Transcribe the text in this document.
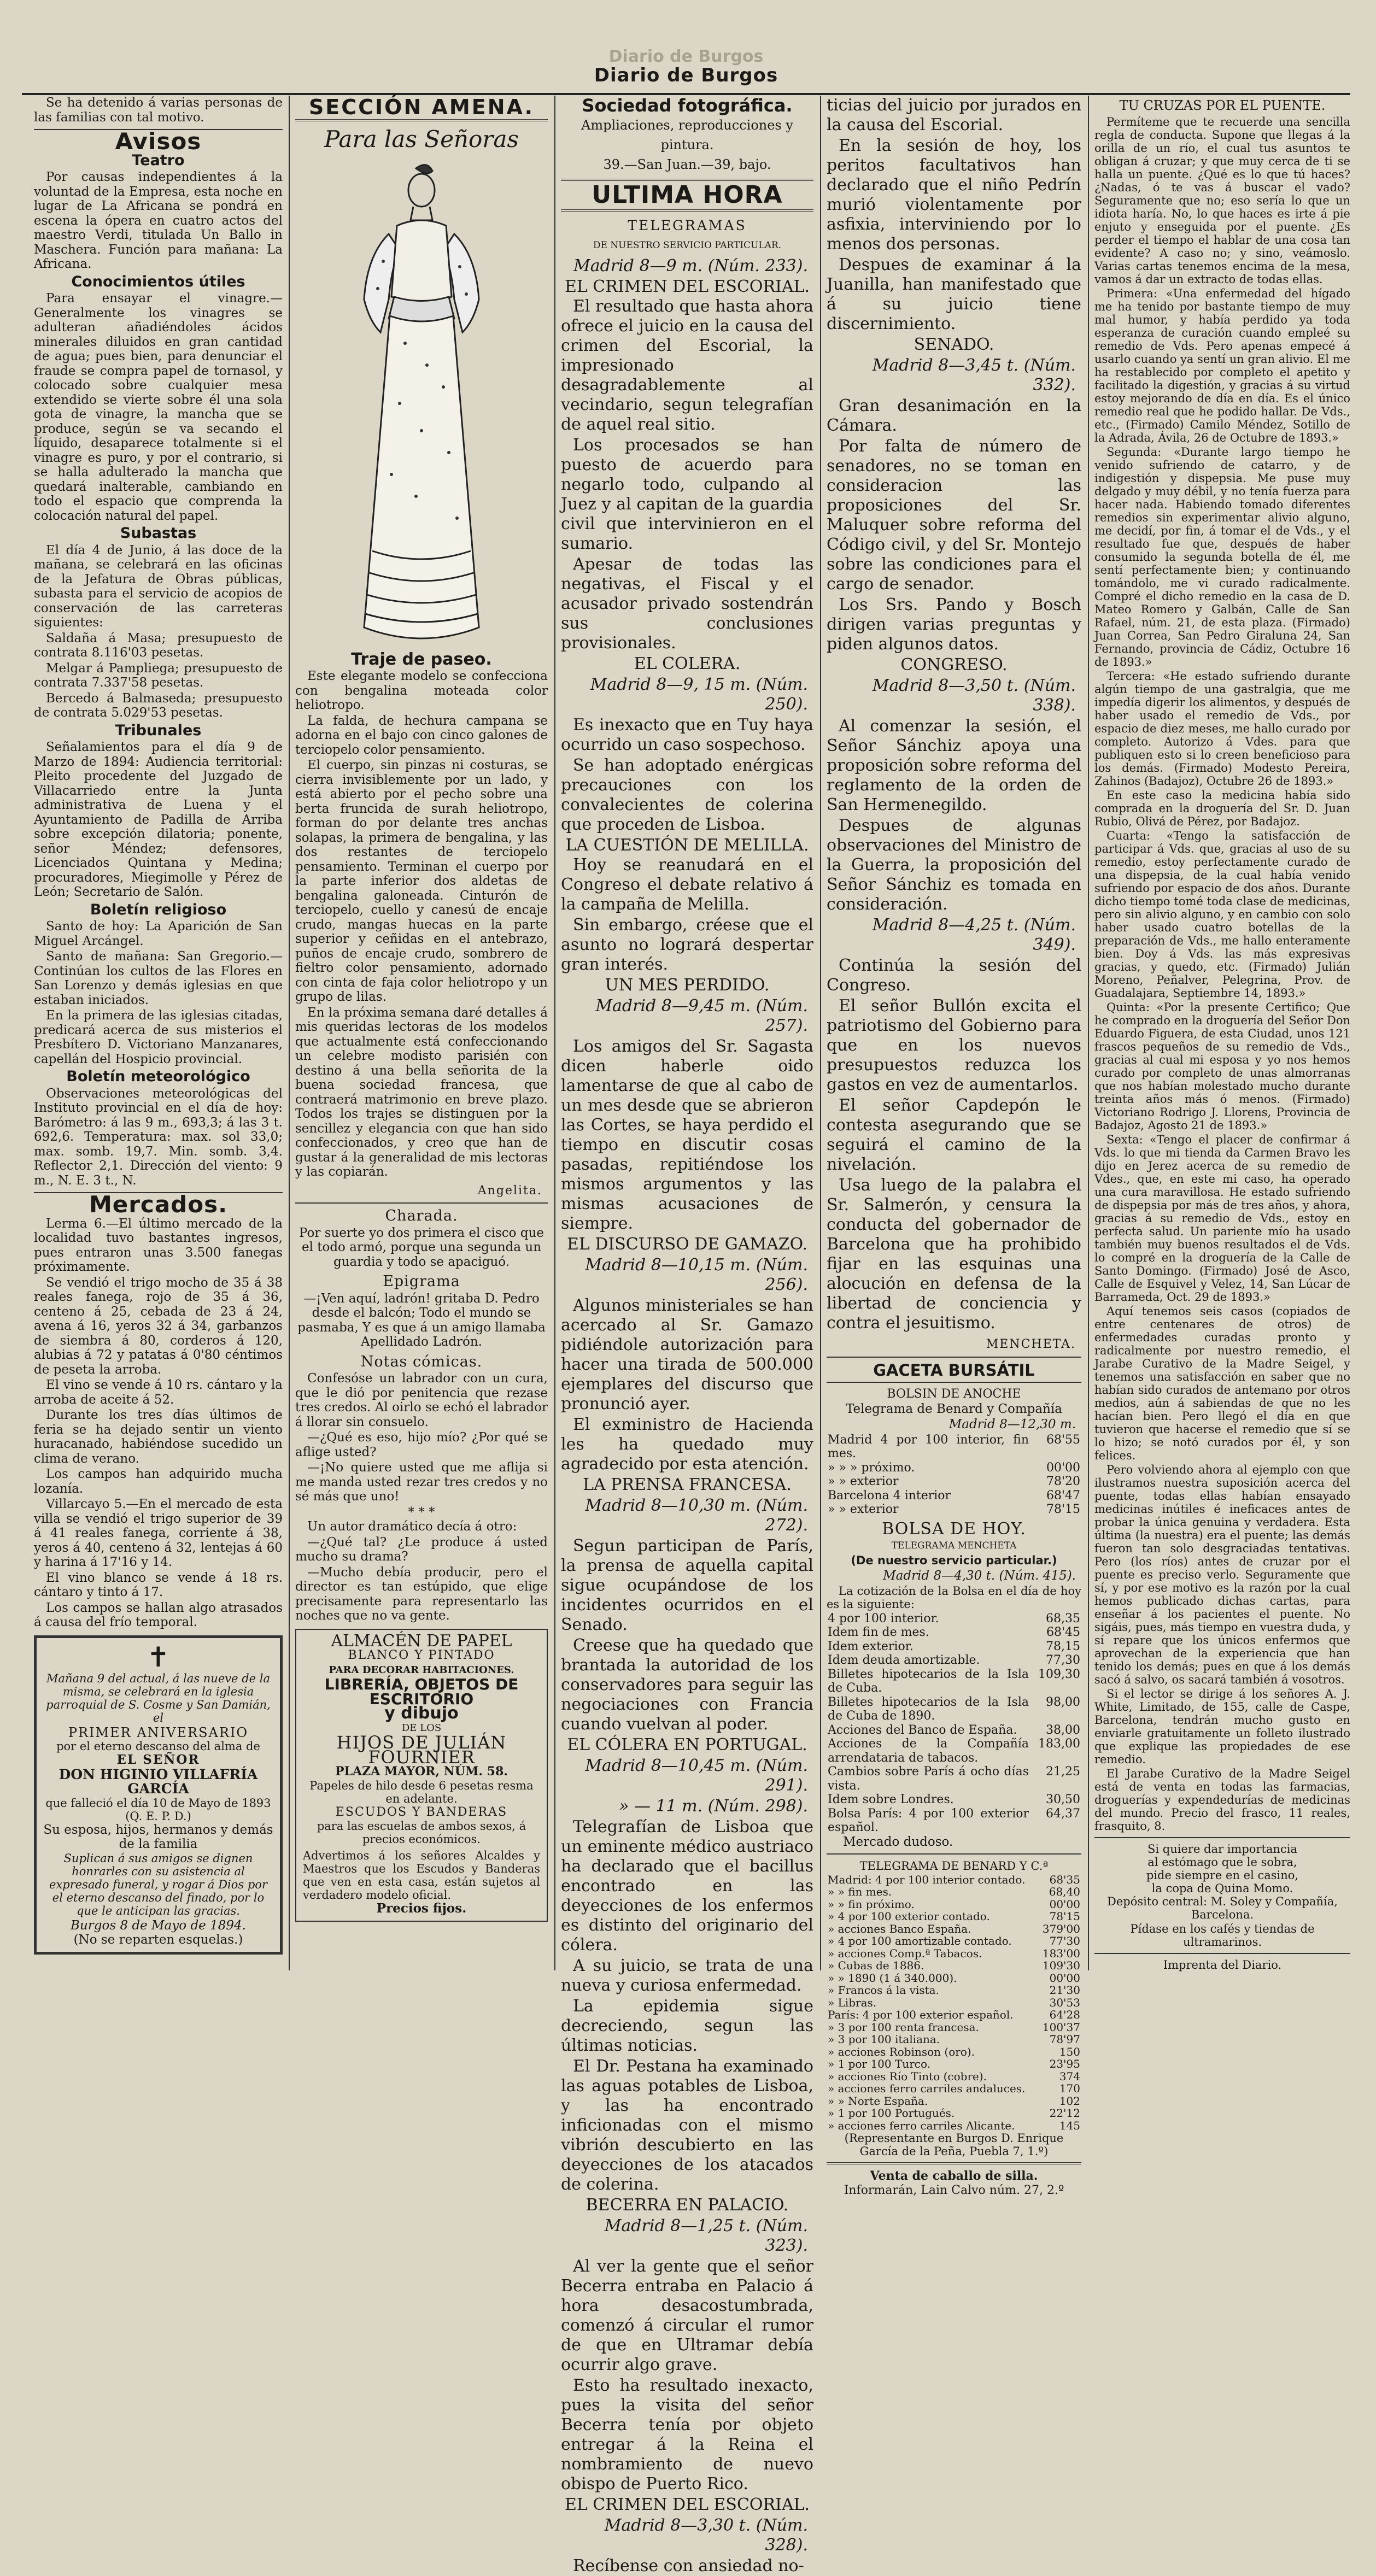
Diario de Burgos
Diario de Burgos

Se ha detenido á varias personas de las familias con tal motivo.

Avisos
Teatro

Por causas independientes á la voluntad de la Empresa, esta noche en lugar de La Africana se pondrá en escena la ópera en cuatro actos del maestro Verdi, titulada Un Ballo in Maschera. Función para mañana: La Africana.

Conocimientos útiles

Para ensayar el vinagre.—Generalmente los vinagres se adulteran añadiéndoles ácidos minerales diluidos en gran cantidad de agua; pues bien, para denunciar el fraude se compra papel de tornasol, y colocado sobre cualquier mesa extendido se vierte sobre él una sola gota de vinagre, la mancha que se produce, según se va secando el líquido, desaparece totalmente si el vinagre es puro, y por el contrario, si se halla adulterado la mancha que quedará inalterable, cambiando en todo el espacio que comprenda la colocación natural del papel.

Subastas

El día 4 de Junio, á las doce de la mañana, se celebrará en las oficinas de la Jefatura de Obras públicas, subasta para el servicio de acopios de conservación de las carreteras siguientes:

Saldaña á Masa; presupuesto de contrata 8.116'03 pesetas.

Melgar á Pampliega; presupuesto de contrata 7.337'58 pesetas.

Bercedo á Balmaseda; presupuesto de contrata 5.029'53 pesetas.

Tribunales

Señalamientos para el día 9 de Marzo de 1894: Audiencia territorial: Pleito procedente del Juzgado de Villacarriedo entre la Junta administrativa de Luena y el Ayuntamiento de Padilla de Arriba sobre excepción dilatoria; ponente, señor Méndez; defensores, Licenciados Quintana y Medina; procuradores, Miegimolle y Pérez de León; Secretario de Salón.

Boletín religioso

Santo de hoy: La Aparición de San Miguel Arcángel.

Santo de mañana: San Gregorio.—Continúan los cultos de las Flores en San Lorenzo y demás iglesias en que estaban iniciados.

En la primera de las iglesias citadas, predicará acerca de sus misterios el Presbítero D. Victoriano Manzanares, capellán del Hospicio provincial.

Boletín meteorológico

Observaciones meteorológicas del Instituto provincial en el día de hoy: Barómetro: á las 9 m., 693,3; á las 3 t. 692,6. Temperatura: max. sol 33,0; max. somb. 19,7. Min. somb. 3,4. Reflector 2,1. Dirección del viento: 9 m., N. E. 3 t., N.

Mercados.

Lerma 6.—El último mercado de la localidad tuvo bastantes ingresos, pues entraron unas 3.500 fanegas próximamente.

Se vendió el trigo mocho de 35 á 38 reales fanega, rojo de 35 á 36, centeno á 25, cebada de 23 á 24, avena á 16, yeros 32 á 34, garbanzos de siembra á 80, corderos á 120, alubias á 72 y patatas á 0'80 céntimos de peseta la arroba.

El vino se vende á 10 rs. cántaro y la arroba de aceite á 52.

Durante los tres días últimos de feria se ha dejado sentir un viento huracanado, habiéndose sucedido un clima de verano.

Los campos han adquirido mucha lozanía.

Villarcayo 5.—En el mercado de esta villa se vendió el trigo superior de 39 á 41 reales fanega, corriente á 38, yeros á 40, centeno á 32, lentejas á 60 y harina á 17'16 y 14.

El vino blanco se vende á 18 rs. cántaro y tinto á 17.

Los campos se hallan algo atrasados á causa del frío temporal.

✝

Mañana 9 del actual, á las nueve de la misma, se celebrará en la iglesia parroquial de S. Cosme y San Damián, el

PRIMER ANIVERSARIO
por el eterno descanso del alma de
EL SEÑOR
DON HIGINIO VILLAFRÍA GARCÍA
que falleció el día 10 de Mayo de 1893
(Q. E. P. D.)
Su esposa, hijos, hermanos y demás de la familia

Suplican á sus amigos se dignen honrarles con su asistencia al expresado funeral, y rogar á Dios por el eterno descanso del finado, por lo que le anticipan las gracias.

Burgos 8 de Mayo de 1894.
(No se reparten esquelas.)
SECCIÓN AMENA.
Para las Señoras
Traje de paseo.

Este elegante modelo se confecciona con bengalina moteada color heliotropo.

La falda, de hechura campana se adorna en el bajo con cinco galones de terciopelo color pensamiento.

El cuerpo, sin pinzas ni costuras, se cierra invisiblemente por un lado, y está abierto por el pecho sobre una berta fruncida de surah heliotropo, forman do por delante tres anchas solapas, la primera de bengalina, y las dos restantes de terciopelo pensamiento. Terminan el cuerpo por la parte inferior dos aldetas de bengalina galoneada. Cinturón de terciopelo, cuello y canesú de encaje crudo, mangas huecas en la parte superior y ceñidas en el antebrazo, puños de encaje crudo, sombrero de fieltro color pensamiento, adornado con cinta de faja color heliotropo y un grupo de lilas.

En la próxima semana daré detalles á mis queridas lectoras de los modelos que actualmente está confeccionando un celebre modisto parisién con destino á una bella señorita de la buena sociedad francesa, que contraerá matrimonio en breve plazo. Todos los trajes se distinguen por la sencillez y elegancia con que han sido confeccionados, y creo que han de gustar á la generalidad de mis lectoras y las copiarán.

Angelita.
Charada.

Por suerte yo dos primera el cisco que el todo armó, porque una segunda un guardia y todo se apaciguó.

Epigrama

—¡Ven aquí, ladrón! gritaba D. Pedro desde el balcón; Todo el mundo se pasmaba, Y es que á un amigo llamaba Apellidado Ladrón.

Notas cómicas.

Confesóse un labrador con un cura, que le dió por penitencia que rezase tres credos. Al oirlo se echó el labrador á llorar sin consuelo.

—¿Qué es eso, hijo mío? ¿Por qué se aflige usted?

—¡No quiere usted que me aflija si me manda usted rezar tres credos y no sé más que uno!

* * *

Un autor dramático decía á otro:

—¿Qué tal? ¿Le produce á usted mucho su drama?

—Mucho debía producir, pero el director es tan estúpido, que elige precisamente para representarlo las noches que no va gente.

ALMACÉN DE PAPEL
BLANCO Y PINTADO
PARA DECORAR HABITACIONES.
LIBRERÍA, OBJETOS DE ESCRITORIO
y dibujo
DE LOS
HIJOS DE JULIÁN FOURNIER
PLAZA MAYOR, NÚM. 58.
Papeles de hilo desde 6 pesetas resma en adelante.
ESCUDOS Y BANDERAS
para las escuelas de ambos sexos, á precios económicos.
Advertimos á los señores Alcaldes y Maestros que los Escudos y Banderas que ven en esta casa, están sujetos al verdadero modelo oficial.
Precios fijos.
Sociedad fotográfica.
Ampliaciones, reproducciones y pintura.
39.—San Juan.—39, bajo.
ULTIMA HORA
TELEGRAMAS
DE NUESTRO SERVICIO PARTICULAR.
Madrid 8—9 m. (Núm. 233).
EL CRIMEN DEL ESCORIAL.

El resultado que hasta ahora ofrece el juicio en la causa del crimen del Escorial, la impresionado desagradablemente al vecindario, segun telegrafían de aquel real sitio.

Los procesados se han puesto de acuerdo para negarlo todo, culpando al Juez y al capitan de la guardia civil que intervinieron en el sumario.

Apesar de todas las negativas, el Fiscal y el acusador privado sostendrán sus conclusiones provisionales.

EL COLERA.
Madrid 8—9, 15 m. (Núm. 250).

Es inexacto que en Tuy haya ocurrido un caso sospechoso.

Se han adoptado enérgicas precauciones con los convalecientes de colerina que proceden de Lisboa.

LA CUESTIÓN DE MELILLA.

Hoy se reanudará en el Congreso el debate relativo á la campaña de Melilla.

Sin embargo, créese que el asunto no logrará despertar gran interés.

UN MES PERDIDO.
Madrid 8—9,45 m. (Núm. 257).

Los amigos del Sr. Sagasta dicen haberle oido lamentarse de que al cabo de un mes desde que se abrieron las Cortes, se haya perdido el tiempo en discutir cosas pasadas, repitiéndose los mismos argumentos y las mismas acusaciones de siempre.

EL DISCURSO DE GAMAZO.
Madrid 8—10,15 m. (Núm. 256).

Algunos ministeriales se han acercado al Sr. Gamazo pidiéndole autorización para hacer una tirada de 500.000 ejemplares del discurso que pronunció ayer.

El exministro de Hacienda les ha quedado muy agradecido por esta atención.

LA PRENSA FRANCESA.
Madrid 8—10,30 m. (Núm. 272).

Segun participan de París, la prensa de aquella capital sigue ocupándose de los incidentes ocurridos en el Senado.

Creese que ha quedado que brantada la autoridad de los conservadores para seguir las negociaciones con Francia cuando vuelvan al poder.

EL CÓLERA EN PORTUGAL.
Madrid 8—10,45 m. (Núm. 291).
» — 11 m. (Núm. 298).

Telegrafían de Lisboa que un eminente médico austriaco ha declarado que el bacillus encontrado en las deyecciones de los enfermos es distinto del originario del cólera.

A su juicio, se trata de una nueva y curiosa enfermedad.

La epidemia sigue decreciendo, segun las últimas noticias.

El Dr. Pestana ha examinado las aguas potables de Lisboa, y las ha encontrado inficionadas con el mismo vibrión descubierto en las deyecciones de los atacados de colerina.

BECERRA EN PALACIO.
Madrid 8—1,25 t. (Núm. 323).

Al ver la gente que el señor Becerra entraba en Palacio á hora desacostumbrada, comenzó á circular el rumor de que en Ultramar debía ocurrir algo grave.

Esto ha resultado inexacto, pues la visita del señor Becerra tenía por objeto entregar á la Reina el nombramiento de nuevo obispo de Puerto Rico.

EL CRIMEN DEL ESCORIAL.
Madrid 8—3,30 t. (Núm. 328).

Recíbense con ansiedad no-

ticias del juicio por jurados en la causa del Escorial.

En la sesión de hoy, los peritos facultativos han declarado que el niño Pedrín murió violentamente por asfixia, interviniendo por lo menos dos personas.

Despues de examinar á la Juanilla, han manifestado que á su juicio tiene discernimiento.

SENADO.
Madrid 8—3,45 t. (Núm. 332).

Gran desanimación en la Cámara.

Por falta de número de senadores, no se toman en consideracion las proposiciones del Sr. Maluquer sobre reforma del Código civil, y del Sr. Montejo sobre las condiciones para el cargo de senador.

Los Srs. Pando y Bosch dirigen varias preguntas y piden algunos datos.

CONGRESO.
Madrid 8—3,50 t. (Núm. 338).

Al comenzar la sesión, el Señor Sánchiz apoya una proposición sobre reforma del reglamento de la orden de San Hermenegildo.

Despues de algunas observaciones del Ministro de la Guerra, la proposición del Señor Sánchiz es tomada en consideración.

Madrid 8—4,25 t. (Núm. 349).

Continúa la sesión del Congreso.

El señor Bullón excita el patriotismo del Gobierno para que en los nuevos presupuestos reduzca los gastos en vez de aumentarlos.

El señor Capdepón le contesta asegurando que se seguirá el camino de la nivelación.

Usa luego de la palabra el Sr. Salmerón, y censura la conducta del gobernador de Barcelona que ha prohibido fijar en las esquinas una alocución en defensa de la libertad de conciencia y contra el jesuitismo.

MENCHETA.
GACETA BURSÁTIL
BOLSIN DE ANOCHE
Telegrama de Benard y Compañía
Madrid 8—12,30 m.
Madrid 4 por 100 interior, fin mes.	68'55
» » » próximo.	00'00
» » exterior	78'20
Barcelona 4 interior	68'47
» » exterior	78'15
BOLSA DE HOY.
TELEGRAMA MENCHETA
(De nuestro servicio particular.)
Madrid 8—4,30 t. (Núm. 415).

La cotización de la Bolsa en el día de hoy es la siguiente:

4 por 100 interior.	68,35
Idem fin de mes.	68'45
Idem exterior.	78,15
Idem deuda amortizable.	77,30
Billetes hipotecarios de la Isla de Cuba.	109,30
Billetes hipotecarios de la Isla de Cuba de 1890.	98,00
Acciones del Banco de España.	38,00
Acciones de la Compañía arrendataria de tabacos.	183,00
Cambios sobre París á ocho días vista.	21,25
Idem sobre Londres.	30,50
Bolsa París: 4 por 100 exterior español.	64,37
Mercado dudoso.
TELEGRAMA DE BENARD Y C.ª
Madrid: 4 por 100 interior contado.	68'35
» » fin mes.	68,40
» » fin próximo.	00'00
» 4 por 100 exterior contado.	78'15
» acciones Banco España.	379'00
» 4 por 100 amortizable contado.	77'30
» acciones Comp.ª Tabacos.	183'00
» Cubas de 1886.	109'30
» » 1890 (1 á 340.000).	00'00
» Francos á la vista.	21'30
» Libras.	30'53
París: 4 por 100 exterior español.	64'28
» 3 por 100 renta francesa.	100'37
» 3 por 100 italiana.	78'97
» acciones Robinson (oro).	150
» 1 por 100 Turco.	23'95
» acciones Río Tinto (cobre).	374
» acciones ferro carriles andaluces.	170
» » Norte España.	102
» 1 por 100 Portugués.	22'12
» acciones ferro carriles Alicante.	145

(Representante en Burgos D. Enrique García de la Peña, Puebla 7, 1.º)

Venta de caballo de silla.
Informarán, Lain Calvo núm. 27, 2.º
TU CRUZAS POR EL PUENTE.

Permíteme que te recuerde una sencilla regla de conducta. Supone que llegas á la orilla de un río, el cual tus asuntos te obligan á cruzar; y que muy cerca de ti se halla un puente. ¿Qué es lo que tú haces? ¿Nadas, ó te vas á buscar el vado? Seguramente que no; eso sería lo que un idiota haría. No, lo que haces es irte á pie enjuto y enseguida por el puente. ¿Es perder el tiempo el hablar de una cosa tan evidente? A caso no; y sino, veámoslo. Varias cartas tenemos encima de la mesa, vamos á dar un extracto de todas ellas.

Primera: «Una enfermedad del hígado me ha tenido por bastante tiempo de muy mal humor, y había perdido ya toda esperanza de curación cuando empleé su remedio de Vds. Pero apenas empecé á usarlo cuando ya sentí un gran alivio. El me ha restablecido por completo el apetito y facilitado la digestión, y gracias á su virtud estoy mejorando de día en día. Es el único remedio real que he podido hallar. De Vds., etc., (Firmado) Camilo Méndez, Sotillo de la Adrada, Ávila, 26 de Octubre de 1893.»

Segunda: «Durante largo tiempo he venido sufriendo de catarro, y de indigestión y dispepsia. Me puse muy delgado y muy débil, y no tenía fuerza para hacer nada. Habiendo tomado diferentes remedios sin experimentar alivio alguno, me decidí, por fin, á tomar el de Vds., y el resultado fue que, después de haber consumido la segunda botella de él, me sentí perfectamente bien; y continuando tomándolo, me vi curado radicalmente. Compré el dicho remedio en la casa de D. Mateo Romero y Galbán, Calle de San Rafael, núm. 21, de esta plaza. (Firmado) Juan Correa, San Pedro Giraluna 24, San Fernando, provincia de Cádiz, Octubre 16 de 1893.»

Tercera: «He estado sufriendo durante algún tiempo de una gastralgia, que me impedía digerir los alimentos, y después de haber usado el remedio de Vds., por espacio de diez meses, me hallo curado por completo. Autorizo á Vdes. para que publiquen esto si lo creen beneficioso para los demás. (Firmado) Modesto Pereira, Zahinos (Badajoz), Octubre 26 de 1893.»

En este caso la medicina había sido comprada en la droguería del Sr. D. Juan Rubio, Olivá de Pérez, por Badajoz.

Cuarta: «Tengo la satisfacción de participar á Vds. que, gracias al uso de su remedio, estoy perfectamente curado de una dispepsia, de la cual había venido sufriendo por espacio de dos años. Durante dicho tiempo tomé toda clase de medicinas, pero sin alivio alguno, y en cambio con solo haber usado cuatro botellas de la preparación de Vds., me hallo enteramente bien. Doy á Vds. las más expresivas gracias, y quedo, etc. (Firmado) Julián Moreno, Peñalver, Pelegrina, Prov. de Guadalajara, Septiembre 14, 1893.»

Quinta: «Por la presente Certifico; Que he comprado en la droguería del Señor Don Eduardo Figuera, de esta Ciudad, unos 121 frascos pequeños de su remedio de Vds., gracias al cual mi esposa y yo nos hemos curado por completo de unas almorranas que nos habían molestado mucho durante treinta años más ó menos. (Firmado) Victoriano Rodrigo J. Llorens, Provincia de Badajoz, Agosto 21 de 1893.»

Sexta: «Tengo el placer de confirmar á Vds. lo que mi tienda da Carmen Bravo les dijo en Jerez acerca de su remedio de Vdes., que, en este mi caso, ha operado una cura maravillosa. He estado sufriendo de dispepsia por más de tres años, y ahora, gracias á su remedio de Vds., estoy en perfecta salud. Un pariente mío ha usado también muy buenos resultados el de Vds. lo compré en la droguería de la Calle de Santo Domingo. (Firmado) José de Asco, Calle de Esquivel y Velez, 14, San Lúcar de Barrameda, Oct. 29 de 1893.»

Aquí tenemos seis casos (copiados de entre centenares de otros) de enfermedades curadas pronto y radicalmente por nuestro remedio, el Jarabe Curativo de la Madre Seigel, y tenemos una satisfacción en saber que no habían sido curados de antemano por otros medios, aún á sabiendas de que no les hacían bien. Pero llegó el día en que tuvieron que hacerse el remedio que sí se lo hizo; se notó curados por él, y son felices.

Pero volviendo ahora al ejemplo con que ilustramos nuestra suposición acerca del puente, todas ellas habían ensayado medicinas inútiles é ineficaces antes de probar la única genuina y verdadera. Esta última (la nuestra) era el puente; las demás fueron tan solo desgraciadas tentativas. Pero (los ríos) antes de cruzar por el puente es preciso verlo. Seguramente que sí, y por ese motivo es la razón por la cual hemos publicado dichas cartas, para enseñar á los pacientes el puente. No sigáis, pues, más tiempo en vuestra duda, y sí repare que los únicos enfermos que aprovechan de la experiencia que han tenido los demás; pues en que á los demás sacó á salvo, os sacará también á vosotros.

Si el lector se dirige á los señores A. J. White, Limitado, de 155, calle de Caspe, Barcelona, tendrán mucho gusto en enviarle gratuitamente un folleto ilustrado que explique las propiedades de ese remedio.

El Jarabe Curativo de la Madre Seigel está de venta en todas las farmacias, droguerías y expendedurías de medicinas del mundo. Precio del frasco, 11 reales, frasquito, 8.

Si quiere dar importancia
al estómago que le sobra,
pide siempre en el casino,
la copa de Quina Momo.

Depósito central: M. Soley y Compañía, Barcelona.

Pídase en los cafés y tiendas de ultramarinos.

Imprenta del Diario.
